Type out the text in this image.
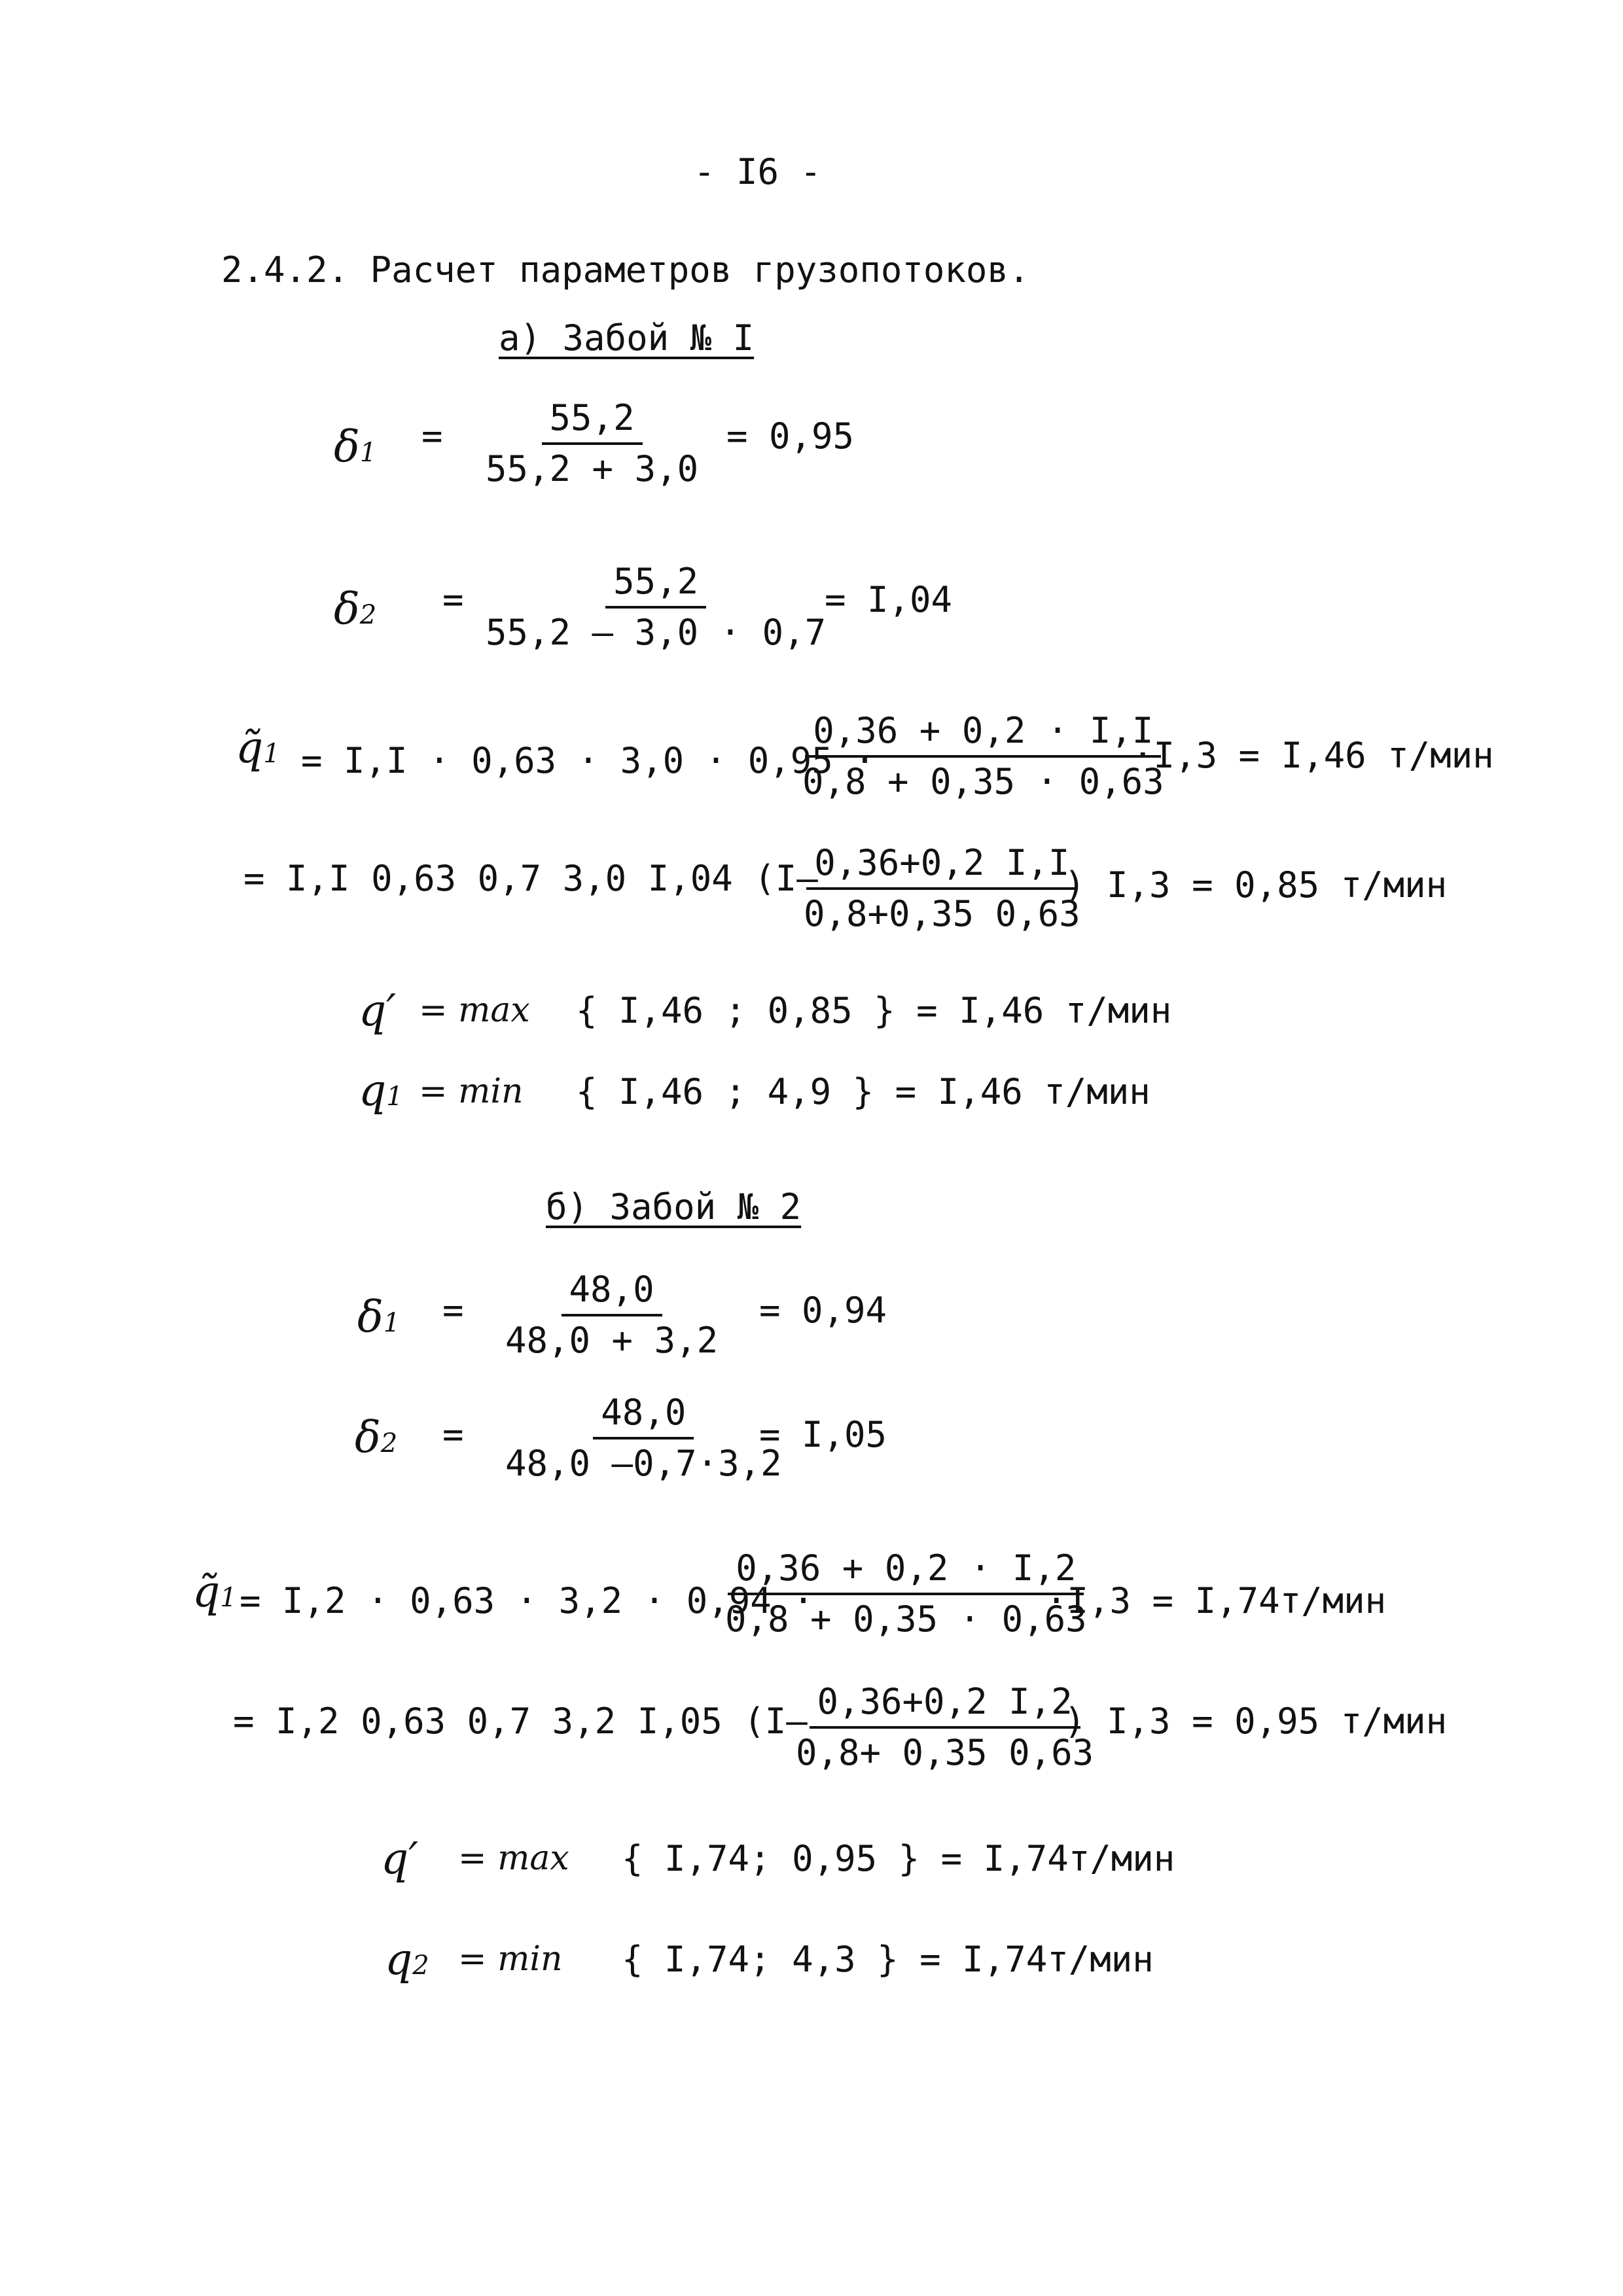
- I6 -
2.4.2. Расчет параметров грузопотоков.
а) Забой № I
$\delta 1 = \frac{55,2}{55,2 + 3,0} = 0,95$
$\delta 2 = \frac{55,2}{55,2 - 3,0 \cdot 0,7}$
= I,04
q̃1 = I,I · 0,63 · 3,0 · 0,95 ·
$\frac{0,36 + 0,2 \cdot I,I}{0,8 + 0,35 \cdot 0,63}$
·I,3 = I,46 т/мин
= I,I 0,63 0,7 3,0 I,04 (I–
$\frac{0,36+0,2 I,I}{0,8+0,35 0,63}$
) I,3 = 0,85 т/мин
q′ = max { I,46 ; 0,85 } = I,46 т/мин
q1 = min { I,46 ; 4,9 } = I,46 т/мин
б) Забой № 2
$\delta 1 = \frac{48,0}{48,0 + 3,2} = 0,94$
$\delta 2 = \frac{48,0}{48,0 -0,7\cdot 3,2}$
= I,05
q̃1 = I,2 · 0,63 · 3,2 · 0,94 ·
$\frac{0,36 + 0,2 \cdot I,2}{0,8 + 0,35 \cdot 0,63}$
·I,3 = I,74т/мин
= I,2 0,63 0,7 3,2 I,05 (I–
$\frac{0,36+0,2 I,2}{0,8+ 0,35 0,63}$
) I,3 = 0,95 т/мин
q′ = max { I,74; 0,95 } = I,74т/мин
q2 = min { I,74; 4,3 } = I,74т/мин
